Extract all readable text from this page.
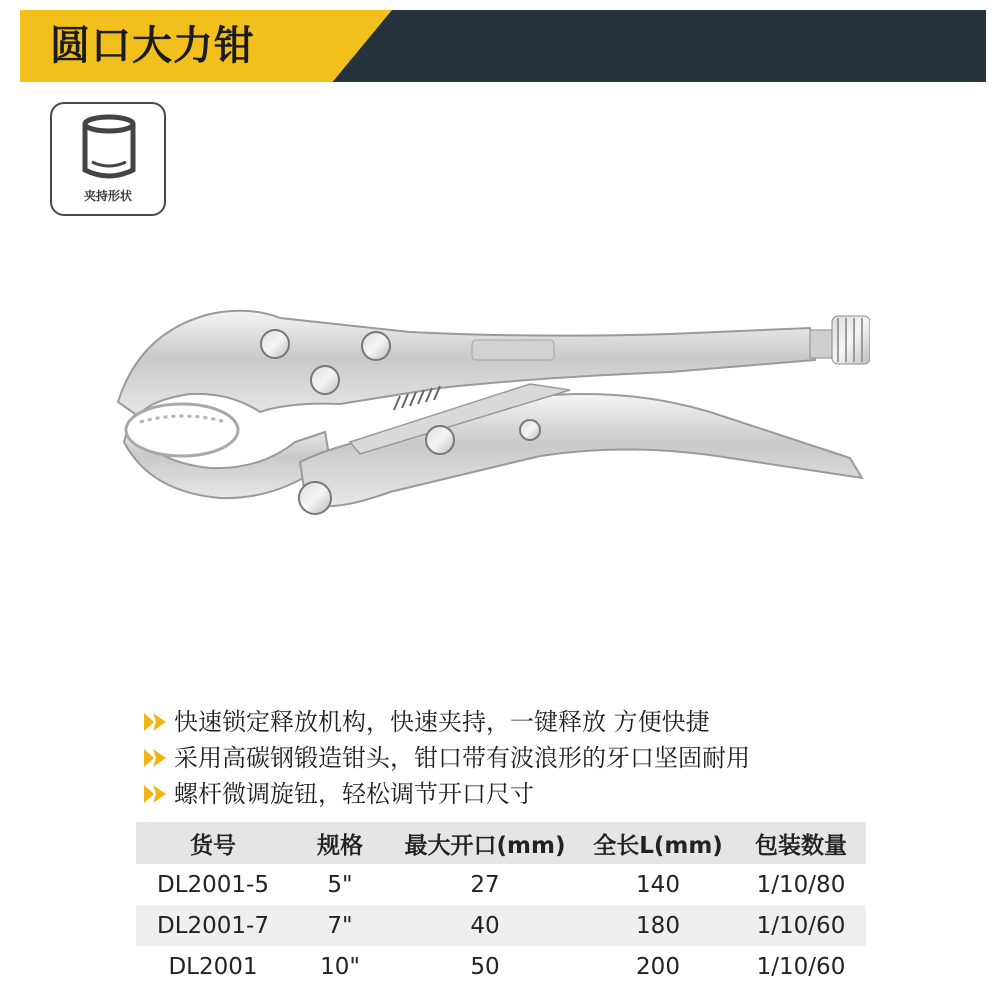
圆口大力钳
夹持形状
快速锁定释放机构，快速夹持，一键释放 方便快捷
采用高碳钢锻造钳头，钳口带有波浪形的牙口坚固耐用
螺杆微调旋钮，轻松调节开口尺寸
货号	规格	最大开口(mm)	全长L(mm)	包装数量
DL2001-5	5"	27	140	1/10/80
DL2001-7	7"	40	180	1/10/60
DL2001	10"	50	200	1/10/60
